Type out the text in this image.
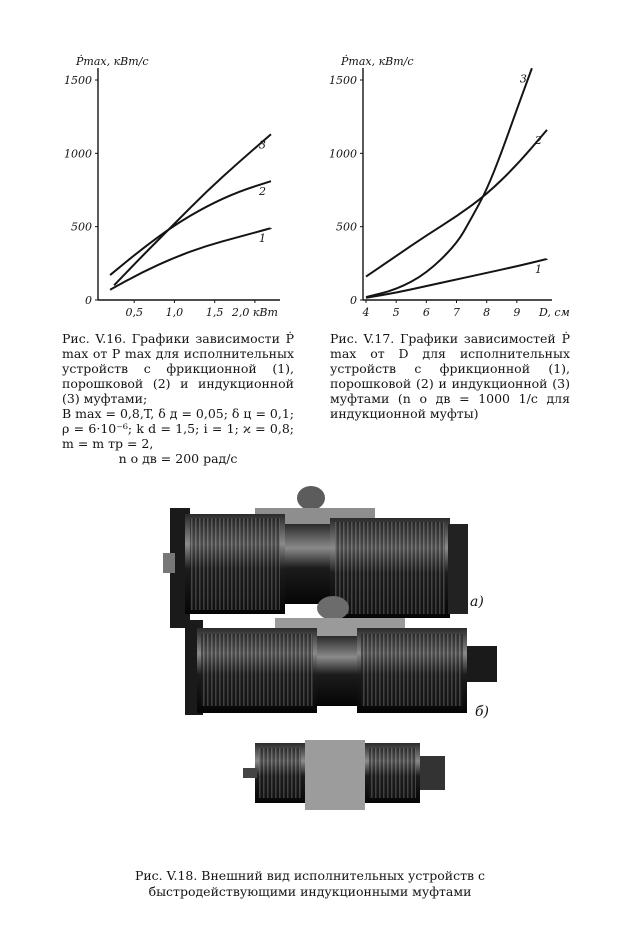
Ṗmax, кВт/с
0
500
1000
1500
0,5 1,0 1,5 2,0 кВт
1
2
3
Ṗmax, кВт/с
0
500
1000
1500
4 5 6 7 8 9 D, см
1
2
3
Рис. V.16. Графики зависимости Ṗ max от P max для исполнительных устройств с фрикционной (1), порошковой (2) и индукционной (3) муфтами;
B max = 0,8,T, δ д = 0,05; δ ц = 0,1; ρ = 6·10⁻⁶; k d = 1,5; i = 1; ϰ = 0,8; m = m тр = 2,
n о дв = 200 рад/с
Рис. V.17. Графики зависимостей Ṗ max от D для исполнительных устройств с фрикционной (1), порошковой (2) и индукционной (3) муфтами (n о дв = 1000 1/с для индукционной муфты)
а)
б)
Рис. V.18. Внешний вид исполнительных устройств с быстродействующими индукционными муфтами
